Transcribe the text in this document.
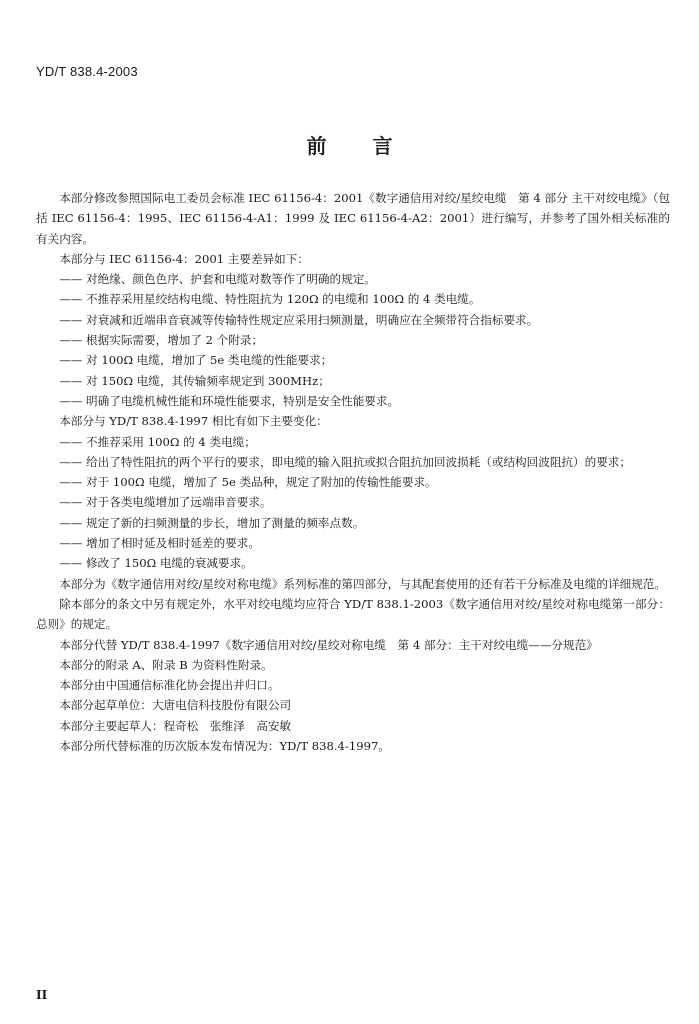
YD/T 838.4-2003
前言

本部分修改参照国际电工委员会标准 IEC 61156-4：2001《数字通信用对绞/星绞电缆　第 4 部分 主干对绞电缆》（包括 IEC 61156-4：1995、IEC 61156-4-A1：1999 及 IEC 61156-4-A2：2001）进行编写，并参考了国外相关标准的有关内容。

本部分与 IEC 61156-4：2001 主要差异如下：

—— 对绝缘、颜色色序、护套和电缆对数等作了明确的规定。

—— 不推荐采用星绞结构电缆、特性阻抗为 120Ω 的电缆和 100Ω 的 4 类电缆。

—— 对衰减和近端串音衰减等传输特性规定应采用扫频测量，明确应在全频带符合指标要求。

—— 根据实际需要，增加了 2 个附录；

—— 对 100Ω 电缆，增加了 5e 类电缆的性能要求；

—— 对 150Ω 电缆，其传输频率规定到 300MHz；

—— 明确了电缆机械性能和环境性能要求，特别是安全性能要求。

本部分与 YD/T 838.4-1997 相比有如下主要变化：

—— 不推荐采用 100Ω 的 4 类电缆；

—— 给出了特性阻抗的两个平行的要求，即电缆的输入阻抗或拟合阻抗加回波损耗（或结构回波阻抗）的要求；

—— 对于 100Ω 电缆，增加了 5e 类品种，规定了附加的传输性能要求。

—— 对于各类电缆增加了远端串音要求。

—— 规定了新的扫频测量的步长，增加了测量的频率点数。

—— 增加了相时延及相时延差的要求。

—— 修改了 150Ω 电缆的衰减要求。

本部分为《数字通信用对绞/星绞对称电缆》系列标准的第四部分，与其配套使用的还有若干分标准及电缆的详细规范。

除本部分的条文中另有规定外，水平对绞电缆均应符合 YD/T 838.1-2003《数字通信用对绞/星绞对称电缆第一部分：总则》的规定。

本部分代替 YD/T 838.4-1997《数字通信用对绞/星绞对称电缆　第 4 部分：主干对绞电缆——分规范》

本部分的附录 A、附录 B 为资料性附录。

本部分由中国通信标准化协会提出并归口。

本部分起草单位：大唐电信科技股份有限公司

本部分主要起草人：程奇松　张维泽　高安敏

本部分所代替标准的历次版本发布情况为：YD/T 838.4-1997。

II
